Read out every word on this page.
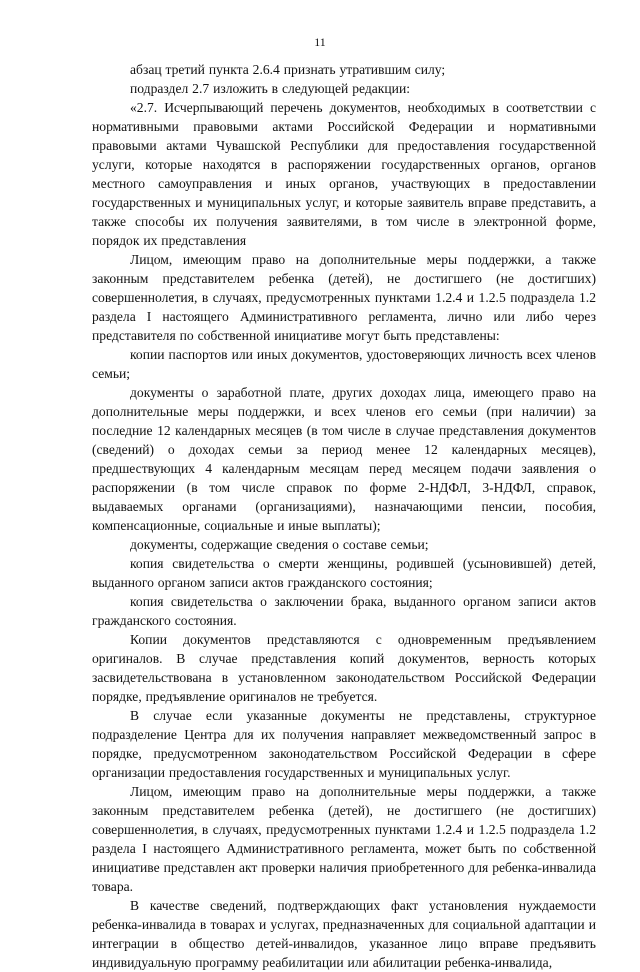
11

абзац третий пункта 2.6.4 признать утратившим силу;

подраздел 2.7 изложить в следующей редакции:

«2.7. Исчерпывающий перечень документов, необходимых в соответствии с нормативными правовыми актами Российской Федерации и нормативными правовыми актами Чувашской Республики для предоставления государственной услуги, которые находятся в распоряжении государственных органов, органов местного самоуправления и иных органов, участвующих в предоставлении государственных и муниципальных услуг, и которые заявитель вправе представить, а также способы их получения заявителями, в том числе в электронной форме, порядок их представления

Лицом, имеющим право на дополнительные меры поддержки, а также законным представителем ребенка (детей), не достигшего (не достигших) совершеннолетия, в случаях, предусмотренных пунктами 1.2.4 и 1.2.5 подраздела 1.2 раздела I настоящего Административного регламента, лично или либо через представителя по собственной инициативе могут быть представлены:

копии паспортов или иных документов, удостоверяющих личность всех членов семьи;

документы о заработной плате, других доходах лица, имеющего право на дополнительные меры поддержки, и всех членов его семьи (при наличии) за последние 12 календарных месяцев (в том числе в случае представления документов (сведений) о доходах семьи за период менее 12 календарных месяцев), предшествующих 4 календарным месяцам перед месяцем подачи заявления о распоряжении (в том числе справок по форме 2-НДФЛ, 3-НДФЛ, справок, выдаваемых органами (организациями), назначающими пенсии, пособия, компенсационные, социальные и иные выплаты);

документы, содержащие сведения о составе семьи;

копия свидетельства о смерти женщины, родившей (усыновившей) детей, выданного органом записи актов гражданского состояния;

копия свидетельства о заключении брака, выданного органом записи актов гражданского состояния.

Копии документов представляются с одновременным предъявлением оригиналов. В случае представления копий документов, верность которых засвидетельствована в установленном законодательством Российской Федерации порядке, предъявление оригиналов не требуется.

В случае если указанные документы не представлены, структурное подразделение Центра для их получения направляет межведомственный запрос в порядке, предусмотренном законодательством Российской Федерации в сфере организации предоставления государственных и муниципальных услуг.

Лицом, имеющим право на дополнительные меры поддержки, а также законным представителем ребенка (детей), не достигшего (не достигших) совершеннолетия, в случаях, предусмотренных пунктами 1.2.4 и 1.2.5 подраздела 1.2 раздела I настоящего Административного регламента, может быть по собственной инициативе представлен акт проверки наличия приобретенного для ребенка-инвалида товара.

В качестве сведений, подтверждающих факт установления нуждаемости ребенка-инвалида в товарах и услугах, предназначенных для социальной адаптации и интеграции в общество детей-инвалидов, указанное лицо вправе предъявить индивидуальную программу реабилитации или абилитации ребенка-инвалида,
